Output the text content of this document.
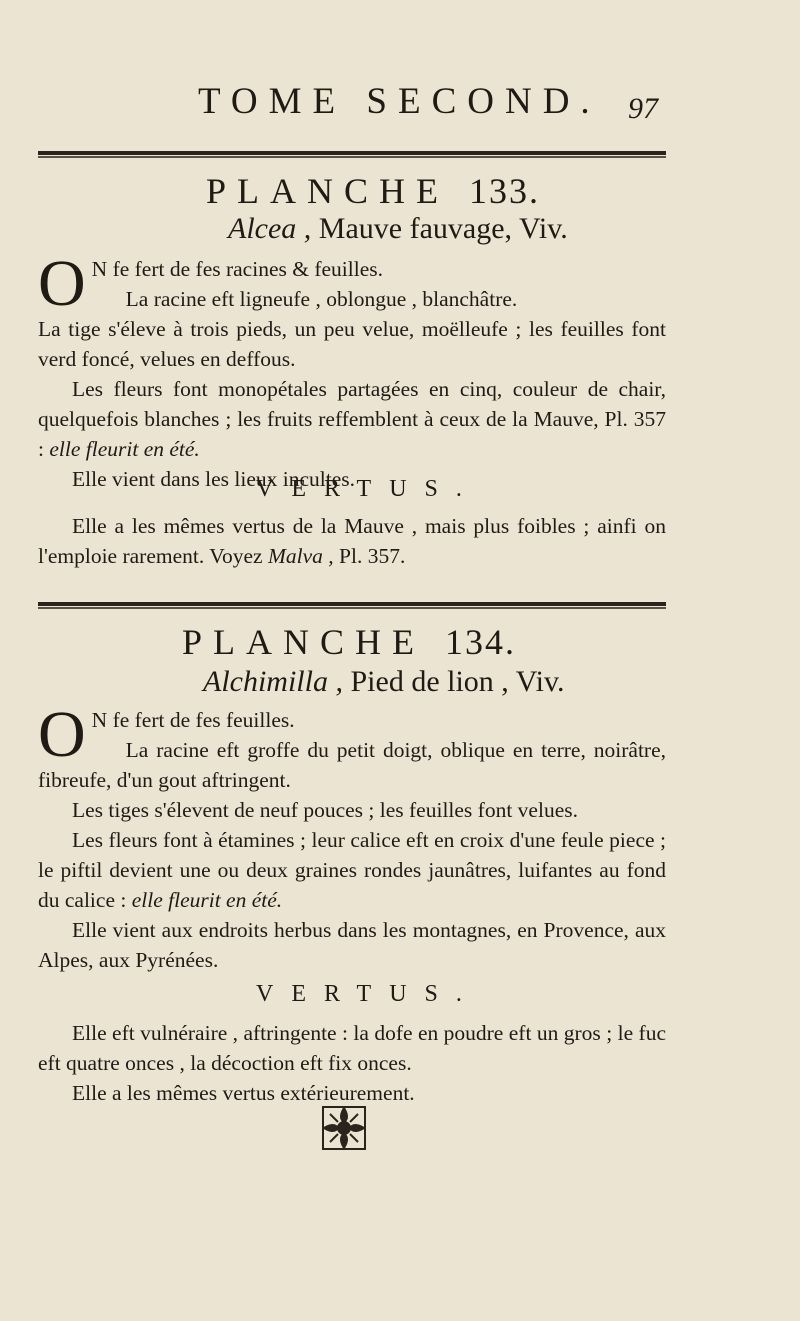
TOME SECOND. 97
PLANCHE 133.
Alcea , Mauve fauvage, Viv.

O N fe fert de fes racines & feuilles.

La racine eft ligneufe , oblongue , blanchâtre.

La tige s'éleve à trois pieds, un peu velue, moëlleufe ; les feuilles font verd foncé, velues en deffous.

Les fleurs font monopétales partagées en cinq, couleur de chair, quelquefois blanches ; les fruits reffemblent à ceux de la Mauve, Pl. 357 : elle fleurit en été.

Elle vient dans les lieux incultes.

VERTUS.

Elle a les mêmes vertus de la Mauve , mais plus foibles ; ainfi on l'emploie rarement. Voyez Malva , Pl. 357.

PLANCHE 134.
Alchimilla , Pied de lion , Viv.

O N fe fert de fes feuilles.

La racine eft groffe du petit doigt, oblique en terre, noirâtre, fibreufe, d'un gout aftringent.

Les tiges s'élevent de neuf pouces ; les feuilles font velues.

Les fleurs font à étamines ; leur calice eft en croix d'une feule piece ; le piftil devient une ou deux graines rondes jaunâtres, luifantes au fond du calice : elle fleurit en été.

Elle vient aux endroits herbus dans les montagnes, en Provence, aux Alpes, aux Pyrénées.

VERTUS.

Elle eft vulnéraire , aftringente : la dofe en poudre eft un gros ; le fuc eft quatre onces , la décoction eft fix onces.

Elle a les mêmes vertus extérieurement.
